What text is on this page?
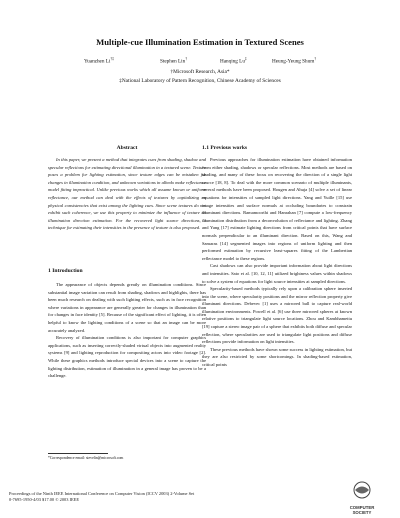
Multiple-cue Illumination Estimation in Textured Scenes
Yuanzhen Li†‡	Stephen Lin†	Hanqing Lu‡	Heung-Yeung Shum†
†Microsoft Research, Asia*
‡National Laboratory of Pattern Recognition, Chinese Academy of Sciences
Abstract

In this paper, we present a method that integrates cues from shading, shadow and specular reflections for estimating directional illumination in a textured scene. Texture poses a problem for lighting estimation, since texture edges can be mistaken for changes in illumination condition, and unknown variations in albedo make reflectance model fitting impractical. Unlike previous works which all assume known or uniform reflectance, our method can deal with the effects of textures by capitalizing on physical consistencies that exist among the lighting cues. Since scene textures do not exhibit such coherence, we use this property to minimize the influence of texture on illumination direction estimation. For the recovered light source directions, a technique for estimating their intensities in the presence of texture is also proposed.

1 Introduction

The appearance of objects depends greatly on illumination conditions. Since substantial image variation can result from shading, shadows and highlights, there has been much research on dealing with such lighting effects, such as in face recognition where variations in appearance are generally greater for changes in illumination than for changes in face identity [5]. Because of the significant effect of lighting, it is often helpful to know the lighting conditions of a scene so that an image can be more accurately analyzed.

Recovery of illumination conditions is also important for computer graphics applications, such as inserting correctly-shaded virtual objects into augmented reality systems [9] and lighting reproduction for compositing actors into video footage [2]. While these graphics methods introduce special devices into a scene to capture the lighting distribution, estimation of illumination in a general image has proven to be a challenge.

*Correspondence email: stevelin@microsoft.com
1.1 Previous works

Previous approaches for illumination estimation have obtained information from either shading, shadows or specular reflections. Most methods are based on shading, and many of these focus on recovering the direction of a single light source [18, 8]. To deal with the more common scenario of multiple illuminants, several methods have been proposed. Hougen and Ahuja [4] solve a set of linear equations for intensities of sampled light directions. Yang and Yuille [15] use image intensities and surface normals at occluding boundaries to constrain illuminant directions. Ramamoorthi and Hanrahan [7] compute a low-frequency illumination distribution from a deconvolution of reflectance and lighting. Zhang and Yang [17] estimate lighting directions from critical points that have surface normals perpendicular to an illuminant direction. Based on this, Wang and Samaras [14] segmented images into regions of uniform lighting and then performed estimation by recursive least-squares fitting of the Lambertian reflectance model to these regions.

Cast shadows can also provide important information about light directions and intensities. Sato et al. [10, 12, 11] utilized brightness values within shadows to solve a system of equations for light source intensities at sampled directions.

Specularity-based methods typically rely upon a calibration sphere inserted into the scene, where specularity positions and the mirror reflection property give illuminant directions. Debevec [1] uses a mirrored ball to capture real-world illumination environments. Powell et al. [6] use three mirrored spheres at known relative positions to triangulate light source locations. Zhou and Kambhamettu [19] capture a stereo image pair of a sphere that exhibits both diffuse and specular reflection, where specularities are used to triangulate light positions and diffuse reflections provide information on light intensities.

These previous methods have shown some success in lighting estimation, but they are also restricted by some shortcomings. In shading-based estimation, critical points

Proceedings of the Ninth IEEE International Conference on Computer Vision (ICCV 2003) 2-Volume Set
0-7695-1950-4/03 $17.00 © 2003 IEEE
COMPUTER
SOCIETY
